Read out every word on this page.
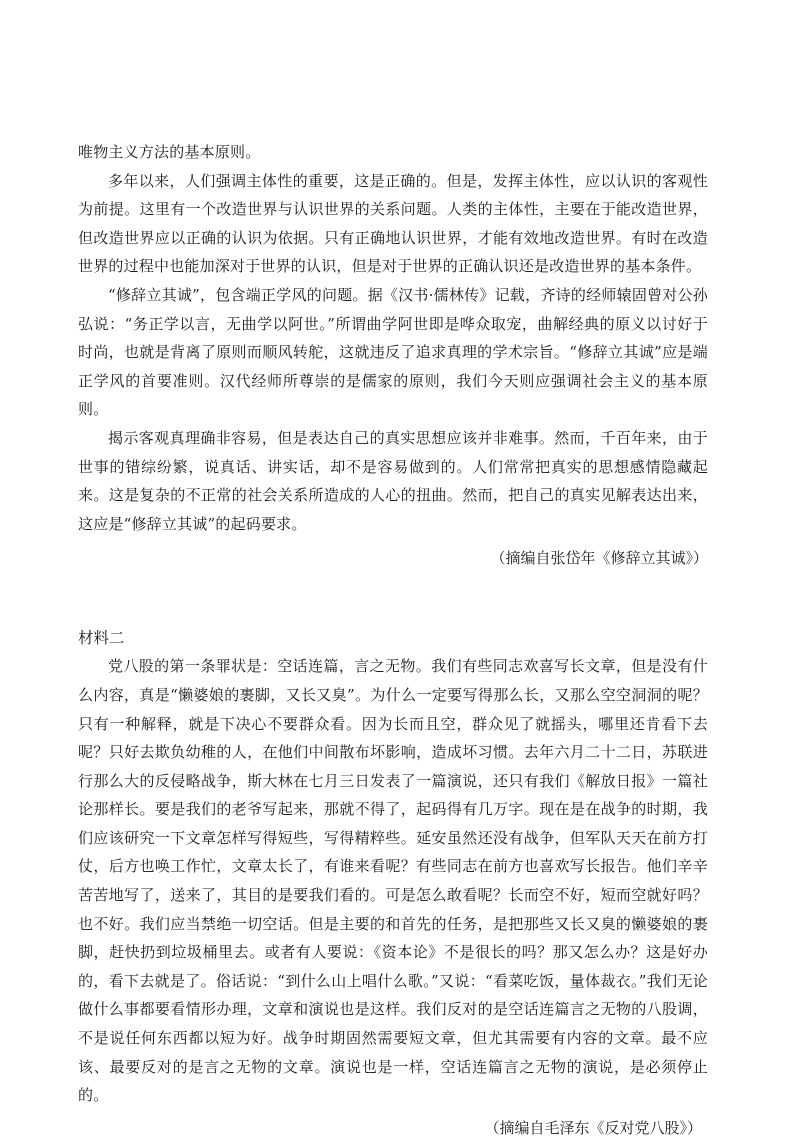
唯物主义方法的基本原则。

多年以来，人们强调主体性的重要，这是正确的。但是，发挥主体性，应以认识的客观性为前提。这里有一个改造世界与认识世界的关系问题。人类的主体性，主要在于能改造世界，但改造世界应以正确的认识为依据。只有正确地认识世界，才能有效地改造世界。有时在改造世界的过程中也能加深对于世界的认识，但是对于世界的正确认识还是改造世界的基本条件。

“修辞立其诚”，包含端正学风的问题。据《汉书·儒林传》记载，齐诗的经师辕固曾对公孙弘说：“务正学以言，无曲学以阿世。”所谓曲学阿世即是哗众取宠，曲解经典的原义以讨好于时尚，也就是背离了原则而顺风转舵，这就违反了追求真理的学术宗旨。“修辞立其诚”应是端正学风的首要准则。汉代经师所尊崇的是儒家的原则，我们今天则应强调社会主义的基本原则。

揭示客观真理确非容易，但是表达自己的真实思想应该并非难事。然而，千百年来，由于世事的错综纷繁，说真话、讲实话，却不是容易做到的。人们常常把真实的思想感情隐藏起来。这是复杂的不正常的社会关系所造成的人心的扭曲。然而，把自己的真实见解表达出来，这应是“修辞立其诚”的起码要求。

（摘编自张岱年《修辞立其诚》）
材料二

党八股的第一条罪状是：空话连篇，言之无物。我们有些同志欢喜写长文章，但是没有什么内容，真是“懒婆娘的裹脚，又长又臭”。为什么一定要写得那么长，又那么空空洞洞的呢？只有一种解释，就是下决心不要群众看。因为长而且空，群众见了就摇头，哪里还肯看下去呢？只好去欺负幼稚的人，在他们中间散布坏影响，造成坏习惯。去年六月二十二日，苏联进行那么大的反侵略战争，斯大林在七月三日发表了一篇演说，还只有我们《解放日报》一篇社论那样长。要是我们的老爷写起来，那就不得了，起码得有几万字。现在是在战争的时期，我们应该研究一下文章怎样写得短些，写得精粹些。延安虽然还没有战争，但军队天天在前方打仗，后方也唤工作忙，文章太长了，有谁来看呢？有些同志在前方也喜欢写长报告。他们辛辛苦苦地写了，送来了，其目的是要我们看的。可是怎么敢看呢？长而空不好，短而空就好吗？也不好。我们应当禁绝一切空话。但是主要的和首先的任务，是把那些又长又臭的懒婆娘的裹脚，赶快扔到垃圾桶里去。或者有人要说：《资本论》不是很长的吗？那又怎么办？这是好办的，看下去就是了。俗话说：“到什么山上唱什么歌。”又说：“看菜吃饭，量体裁衣。”我们无论做什么事都要看情形办理，文章和演说也是这样。我们反对的是空话连篇言之无物的八股调，不是说任何东西都以短为好。战争时期固然需要短文章，但尤其需要有内容的文章。最不应该、最要反对的是言之无物的文章。演说也是一样，空话连篇言之无物的演说，是必须停止的。

（摘编自毛泽东《反对党八股》）
